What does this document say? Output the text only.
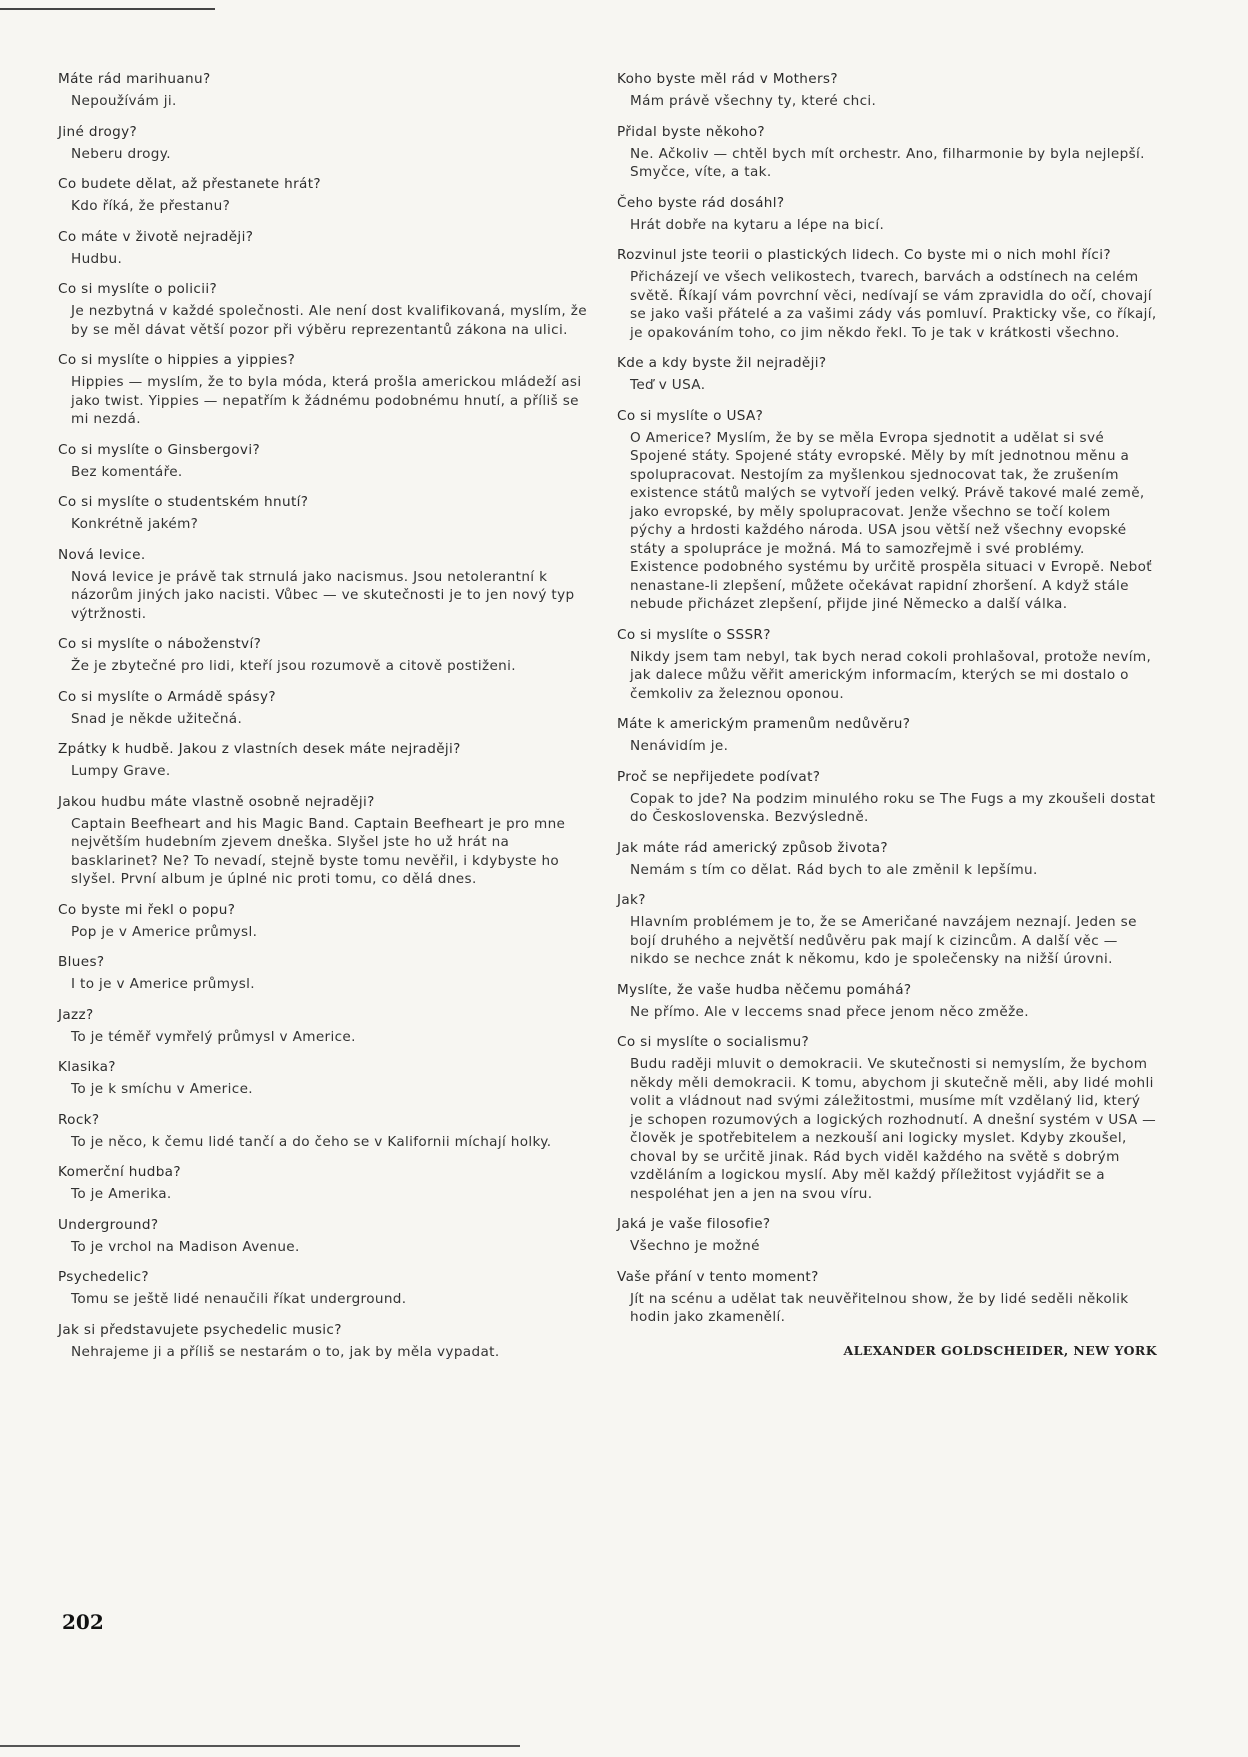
Máte rád marihuanu?

Nepoužívám ji.

Jiné drogy?

Neberu drogy.

Co budete dělat, až přestanete hrát?

Kdo říká, že přestanu?

Co máte v životě nejraději?

Hudbu.

Co si myslíte o policii?

Je nezbytná v každé společnosti. Ale není dost kvalifikovaná, myslím, že by se měl dávat větší pozor při výběru reprezentantů zákona na ulici.

Co si myslíte o hippies a yippies?

Hippies — myslím, že to byla móda, která prošla americkou mládeží asi jako twist. Yippies — nepatřím k žádnému podobnému hnutí, a příliš se mi nezdá.

Co si myslíte o Ginsbergovi?

Bez komentáře.

Co si myslíte o studentském hnutí?

Konkrétně jakém?

Nová levice.

Nová levice je právě tak strnulá jako nacismus. Jsou netolerantní k názorům jiných jako nacisti. Vůbec — ve skutečnosti je to jen nový typ výtržnosti.

Co si myslíte o náboženství?

Že je zbytečné pro lidi, kteří jsou rozumově a citově postiženi.

Co si myslíte o Armádě spásy?

Snad je někde užitečná.

Zpátky k hudbě. Jakou z vlastních desek máte nejraději?

Lumpy Grave.

Jakou hudbu máte vlastně osobně nejraději?

Captain Beefheart and his Magic Band. Captain Beefheart je pro mne největším hudebním zjevem dneška. Slyšel jste ho už hrát na basklarinet? Ne? To nevadí, stejně byste tomu nevěřil, i kdybyste ho slyšel. První album je úplné nic proti tomu, co dělá dnes.

Co byste mi řekl o popu?

Pop je v Americe průmysl.

Blues?

I to je v Americe průmysl.

Jazz?

To je téměř vymřelý průmysl v Americe.

Klasika?

To je k smíchu v Americe.

Rock?

To je něco, k čemu lidé tančí a do čeho se v Kalifornii míchají holky.

Komerční hudba?

To je Amerika.

Underground?

To je vrchol na Madison Avenue.

Psychedelic?

Tomu se ještě lidé nenaučili říkat underground.

Jak si představujete psychedelic music?

Nehrajeme ji a příliš se nestarám o to, jak by měla vypadat.

Koho byste měl rád v Mothers?

Mám právě všechny ty, které chci.

Přidal byste někoho?

Ne. Ačkoliv — chtěl bych mít orchestr. Ano, filharmonie by byla nejlepší. Smyčce, víte, a tak.

Čeho byste rád dosáhl?

Hrát dobře na kytaru a lépe na bicí.

Rozvinul jste teorii o plastických lidech. Co byste mi o nich mohl říci?

Přicházejí ve všech velikostech, tvarech, barvách a odstínech na celém světě. Říkají vám povrchní věci, nedívají se vám zpravidla do očí, chovají se jako vaši přátelé a za vašimi zády vás pomluví. Prakticky vše, co říkají, je opakováním toho, co jim někdo řekl. To je tak v krátkosti všechno.

Kde a kdy byste žil nejraději?

Teď v USA.

Co si myslíte o USA?

O Americe? Myslím, že by se měla Evropa sjednotit a udělat si své Spojené státy. Spojené státy evropské. Měly by mít jednotnou měnu a spolupracovat. Nestojím za myšlenkou sjednocovat tak, že zrušením existence států malých se vytvoří jeden velký. Právě takové malé země, jako evropské, by měly spolupracovat. Jenže všechno se točí kolem pýchy a hrdosti každého národa. USA jsou větší než všechny evopské státy a spolupráce je možná. Má to samozřejmě i své problémy. Existence podobného systému by určitě prospěla situaci v Evropě. Neboť nenastane-li zlepšení, můžete očekávat rapidní zhoršení. A když stále nebude přicházet zlepšení, přijde jiné Německo a další válka.

Co si myslíte o SSSR?

Nikdy jsem tam nebyl, tak bych nerad cokoli prohlašoval, protože nevím, jak dalece můžu věřit americkým informacím, kterých se mi dostalo o čemkoliv za železnou oponou.

Máte k americkým pramenům nedůvěru?

Nenávidím je.

Proč se nepřijedete podívat?

Copak to jde? Na podzim minulého roku se The Fugs a my zkoušeli dostat do Československa. Bezvýsledně.

Jak máte rád americký způsob života?

Nemám s tím co dělat. Rád bych to ale změnil k lepšímu.

Jak?

Hlavním problémem je to, že se Američané navzájem neznají. Jeden se bojí druhého a největší nedůvěru pak mají k cizincům. A další věc — nikdo se nechce znát k někomu, kdo je společensky na nižší úrovni.

Myslíte, že vaše hudba něčemu pomáhá?

Ne přímo. Ale v leccems snad přece jenom něco změže.

Co si myslíte o socialismu?

Budu raději mluvit o demokracii. Ve skutečnosti si nemyslím, že bychom někdy měli demokracii. K tomu, abychom ji skutečně měli, aby lidé mohli volit a vládnout nad svými záležitostmi, musíme mít vzdělaný lid, který je schopen rozumových a logických rozhodnutí. A dnešní systém v USA — člověk je spotřebitelem a nezkouší ani logicky myslet. Kdyby zkoušel, choval by se určitě jinak. Rád bych viděl každého na světě s dobrým vzděláním a logickou myslí. Aby měl každý příležitost vyjádřit se a nespoléhat jen a jen na svou víru.

Jaká je vaše filosofie?

Všechno je možné

Vaše přání v tento moment?

Jít na scénu a udělat tak neuvěřitelnou show, že by lidé seděli několik hodin jako zkamenělí.

ALEXANDER GOLDSCHEIDER, NEW YORK
202
